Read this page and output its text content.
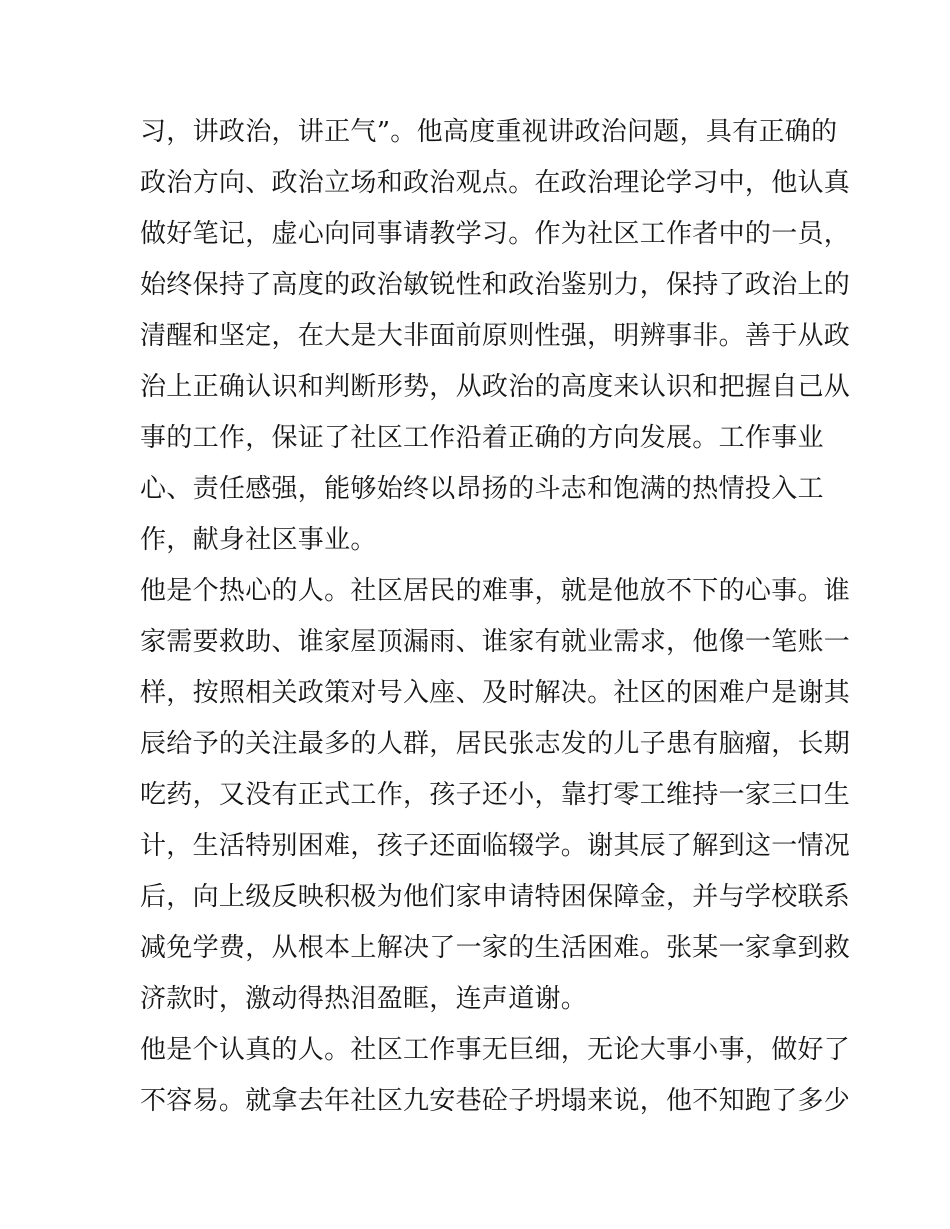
习，讲政治，讲正气”。他高度重视讲政治问题，具有正确的
政治方向、政治立场和政治观点。在政治理论学习中，他认真
做好笔记，虚心向同事请教学习。作为社区工作者中的一员，
始终保持了高度的政治敏锐性和政治鉴别力，保持了政治上的
清醒和坚定，在大是大非面前原则性强，明辨事非。善于从政
治上正确认识和判断形势，从政治的高度来认识和把握自己从
事的工作，保证了社区工作沿着正确的方向发展。工作事业
心、责任感强，能够始终以昂扬的斗志和饱满的热情投入工
作，献身社区事业。
他是个热心的人。社区居民的难事，就是他放不下的心事。谁
家需要救助、谁家屋顶漏雨、谁家有就业需求，他像一笔账一
样，按照相关政策对号入座、及时解决。社区的困难户是谢其
辰给予的关注最多的人群，居民张志发的儿子患有脑瘤，长期
吃药，又没有正式工作，孩子还小，靠打零工维持一家三口生
计，生活特别困难，孩子还面临辍学。谢其辰了解到这一情况
后，向上级反映积极为他们家申请特困保障金，并与学校联系
减免学费，从根本上解决了一家的生活困难。张某一家拿到救
济款时，激动得热泪盈眶，连声道谢。
他是个认真的人。社区工作事无巨细，无论大事小事，做好了
不容易。就拿去年社区九安巷砼子坍塌来说，他不知跑了多少
